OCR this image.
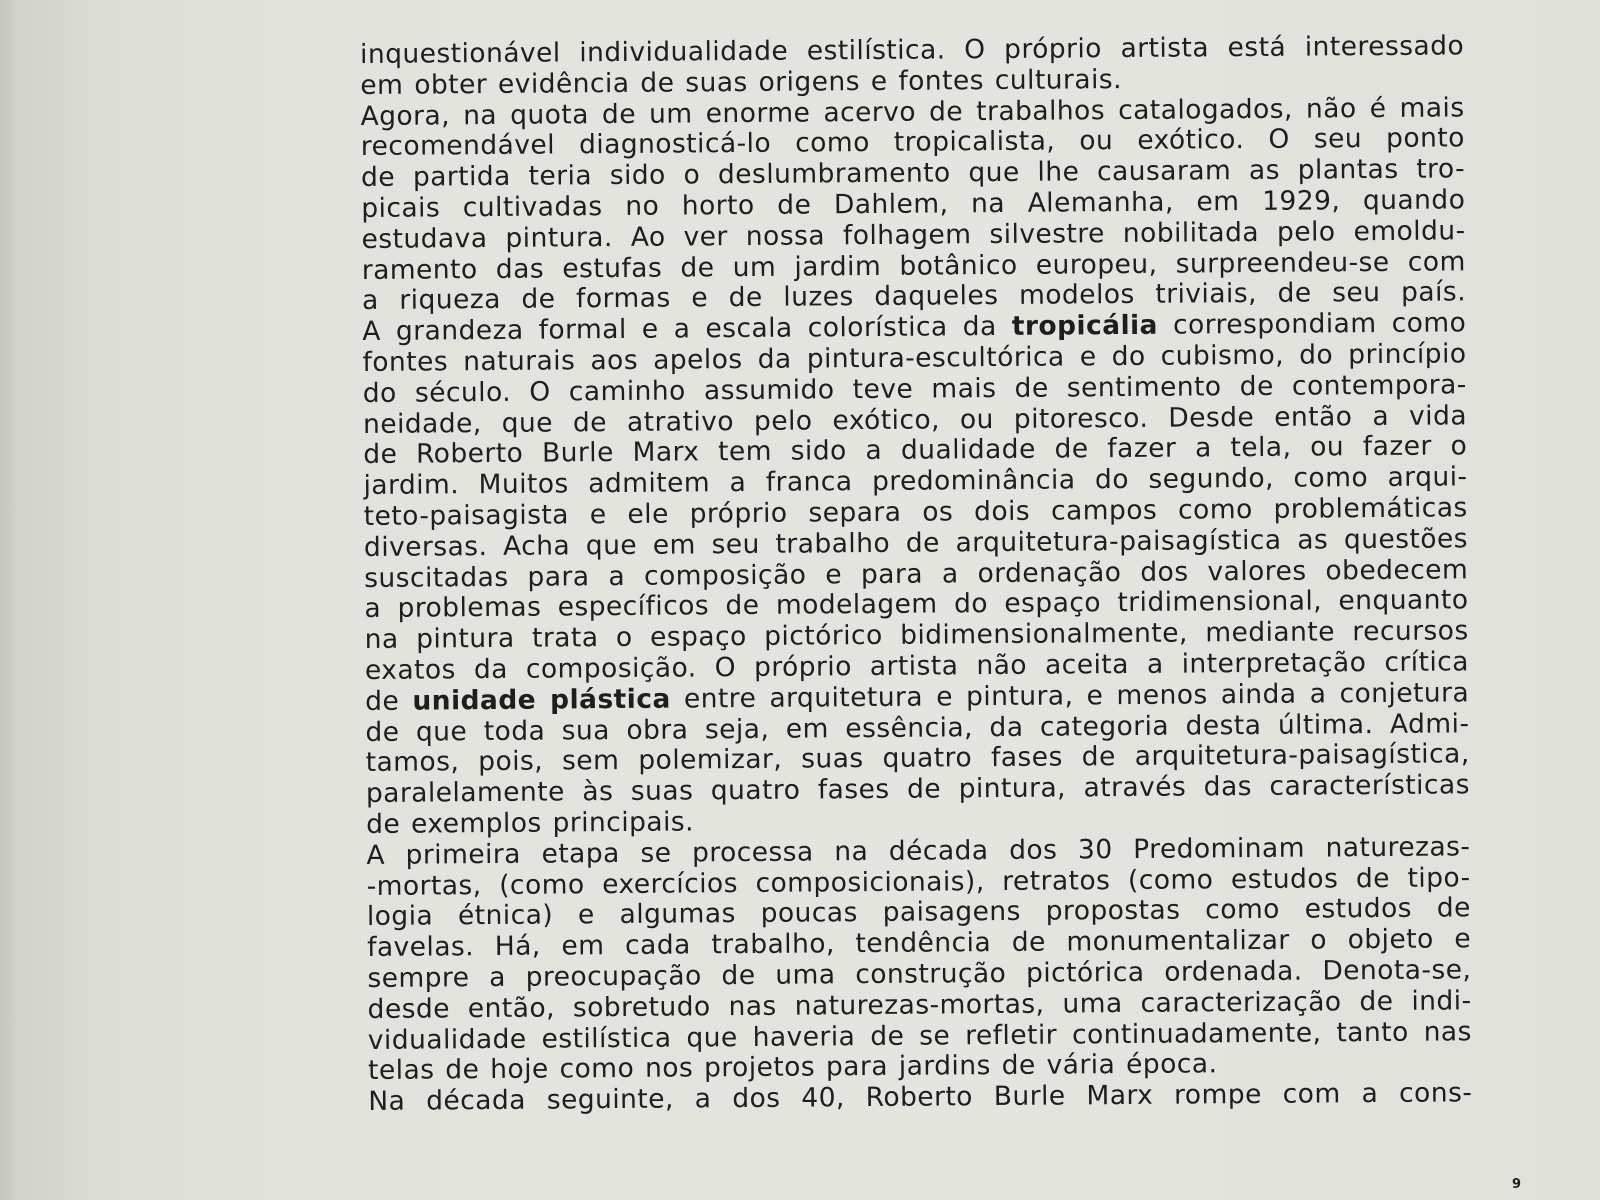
inquestionável individualidade estilística. O próprio artista está interessado
em obter evidência de suas origens e fontes culturais.
Agora, na quota de um enorme acervo de trabalhos catalogados, não é mais
recomendável diagnosticá-lo como tropicalista, ou exótico. O seu ponto
de partida teria sido o deslumbramento que lhe causaram as plantas tro-
picais cultivadas no horto de Dahlem, na Alemanha, em 1929, quando
estudava pintura. Ao ver nossa folhagem silvestre nobilitada pelo emoldu-
ramento das estufas de um jardim botânico europeu, surpreendeu-se com
a riqueza de formas e de luzes daqueles modelos triviais, de seu país.
A grandeza formal e a escala colorística da tropicália correspondiam como
fontes naturais aos apelos da pintura-escultórica e do cubismo, do princípio
do século. O caminho assumido teve mais de sentimento de contempora-
neidade, que de atrativo pelo exótico, ou pitoresco. Desde então a vida
de Roberto Burle Marx tem sido a dualidade de fazer a tela, ou fazer o
jardim. Muitos admitem a franca predominância do segundo, como arqui-
teto-paisagista e ele próprio separa os dois campos como problemáticas
diversas. Acha que em seu trabalho de arquitetura-paisagística as questões
suscitadas para a composição e para a ordenação dos valores obedecem
a problemas específicos de modelagem do espaço tridimensional, enquanto
na pintura trata o espaço pictórico bidimensionalmente, mediante recursos
exatos da composição. O próprio artista não aceita a interpretação crítica
de unidade plástica entre arquitetura e pintura, e menos ainda a conjetura
de que toda sua obra seja, em essência, da categoria desta última. Admi-
tamos, pois, sem polemizar, suas quatro fases de arquitetura-paisagística,
paralelamente às suas quatro fases de pintura, através das características
de exemplos principais.
A primeira etapa se processa na década dos 30 Predominam naturezas-
-mortas, (como exercícios composicionais), retratos (como estudos de tipo-
logia étnica) e algumas poucas paisagens propostas como estudos de
favelas. Há, em cada trabalho, tendência de monumentalizar o objeto e
sempre a preocupação de uma construção pictórica ordenada. Denota-se,
desde então, sobretudo nas naturezas-mortas, uma caracterização de indi-
vidualidade estilística que haveria de se refletir continuadamente, tanto nas
telas de hoje como nos projetos para jardins de vária época.
Na década seguinte, a dos 40, Roberto Burle Marx rompe com a cons-
9
